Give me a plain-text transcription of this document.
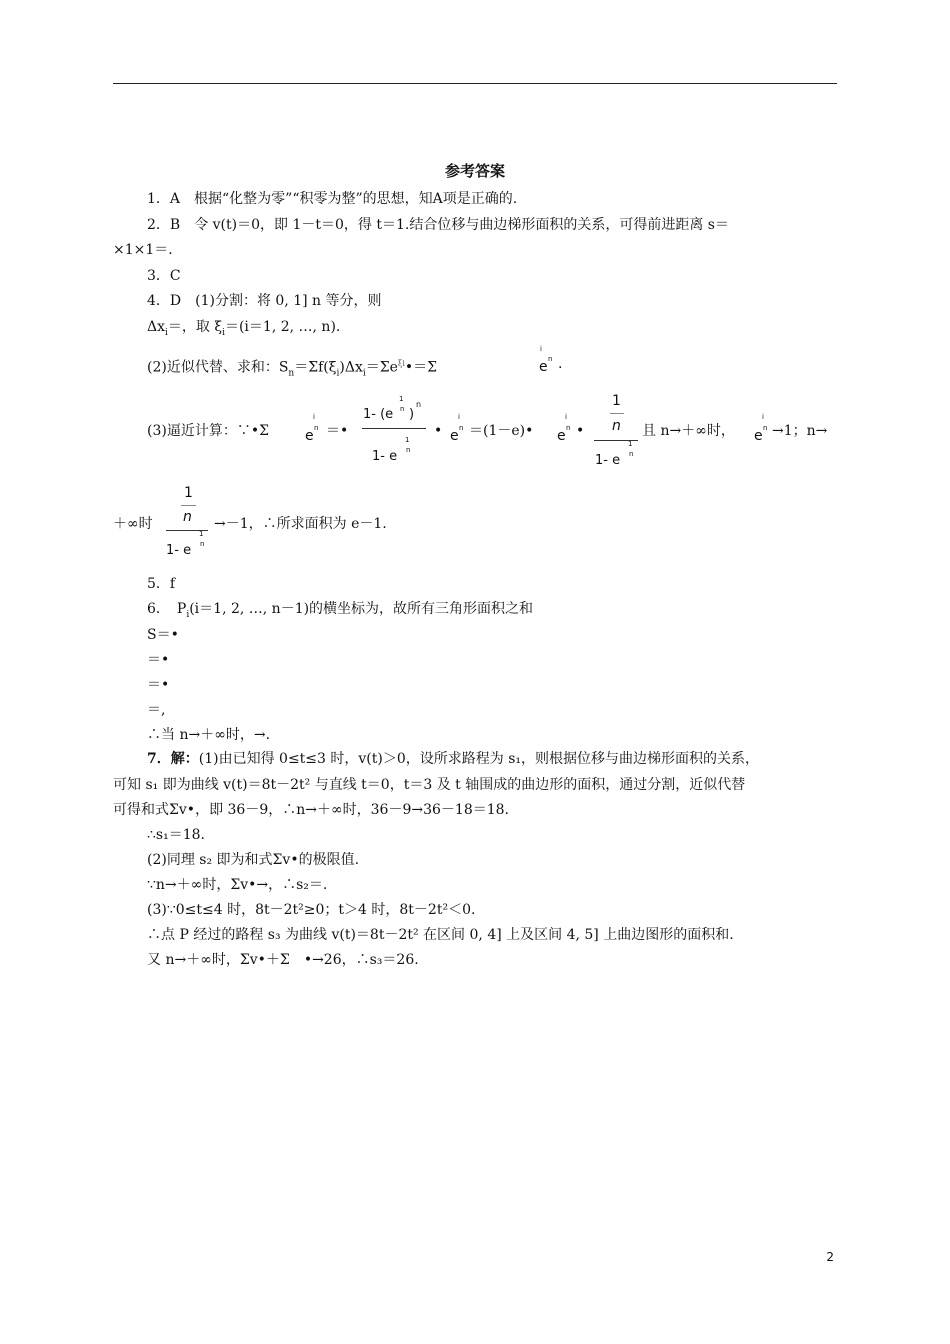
参考答案
1．A　根据“化整为零”“积零为整”的思想，知A项是正确的.
2．B　令 v(t)＝0，即 1－t＝0，得 t＝1.结合位移与曲边梯形面积的关系，可得前进距离 s＝
×1×1＝.
3．C
4．D　(1)分割：将 0, 1] n 等分，则
$\Delta x_i=$，取 $\xi_i=(i=1$, 2, …, n).
(2)近似代替、求和：$S_n=\Sigma f(\xi_i)\Delta x_i=\Sigma e^{\xi i}•=\Sigma$
i
e n .
(3)逼近计算：∵•Σ
i
e n ＝•
1
1- (e n )
n
1
1- e n
•
i
e n ＝(1－e)•
i
e n •
1
n
1
1- e n
且 n→＋∞时，
i
e n →1；n→
＋∞时
1
n
1
1- e n
→－1，∴所求面积为 e－1.
5．f
6．　$P_i(i=1$, 2, …, n－1)的横坐标为，故所有三角形面积之和
S＝•
＝•
＝•
＝,
∴当 n→＋∞时，→.
7．解：(1)由已知得 0≤t≤3 时，v(t)＞0，设所求路程为 s₁，则根据位移与曲边梯形面积的关系，
可知 s₁ 即为曲线 v(t)＝8t－2t² 与直线 t＝0，t＝3 及 t 轴围成的曲边形的面积，通过分割，近似代替
可得和式Σv•，即 36－9，∴n→＋∞时，36－9→36－18＝18.
∴s₁＝18.
(2)同理 s₂ 即为和式Σv•的极限值.
∵n→＋∞时，Σv•→，∴s₂＝.
(3)∵0≤t≤4 时，8t－2t²≥0；t＞4 时，8t－2t²＜0.
∴点 P 经过的路程 s₃ 为曲线 v(t)＝8t－2t² 在区间 0, 4] 上及区间 4, 5] 上曲边图形的面积和.
又 n→＋∞时，Σv•＋Σ　•→26，∴s₃＝26.
2
